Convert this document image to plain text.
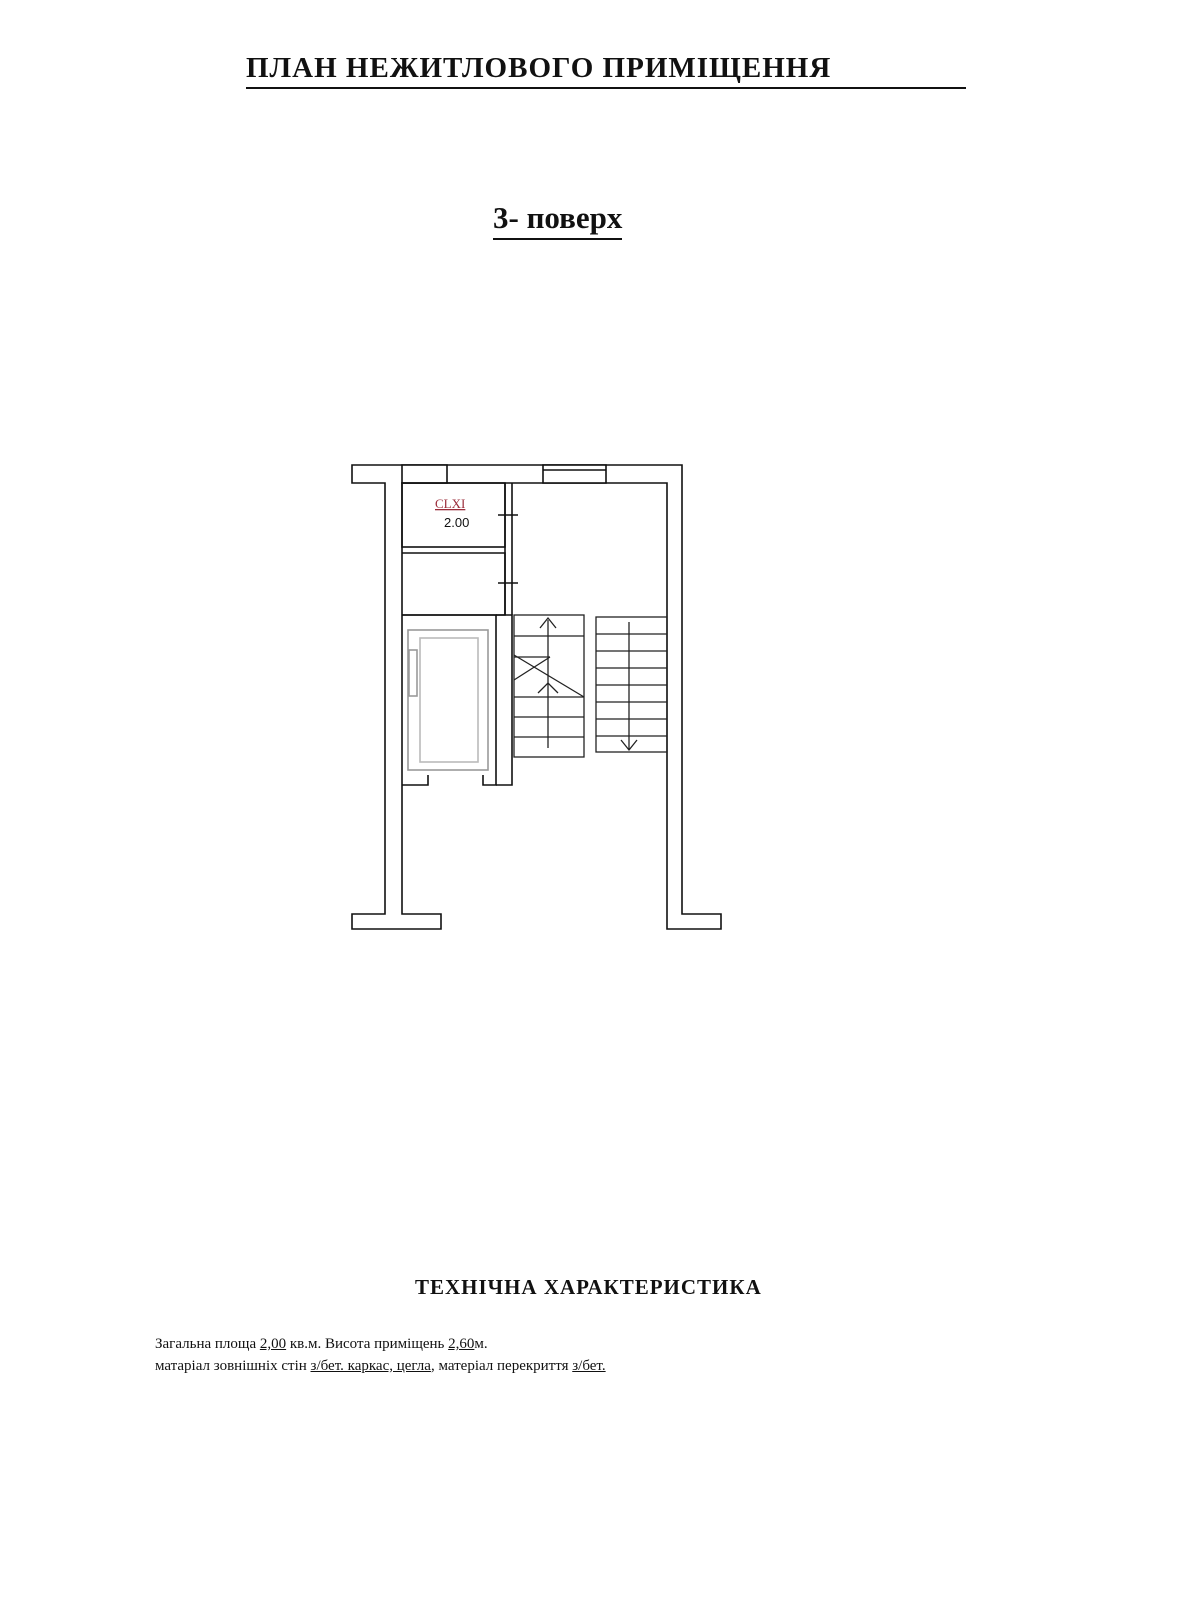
ПЛАН НЕЖИТЛОВОГО ПРИМІЩЕННЯ
3- поверх
CLXI
2.00
ТЕХНІЧНА ХАРАКТЕРИСТИКА
Загальна площа 2,00 кв.м. Висота приміщень 2,60м.
матаріал зовнішніх стін з/бет. каркас, цегла, матеріал перекриття з/бет.
